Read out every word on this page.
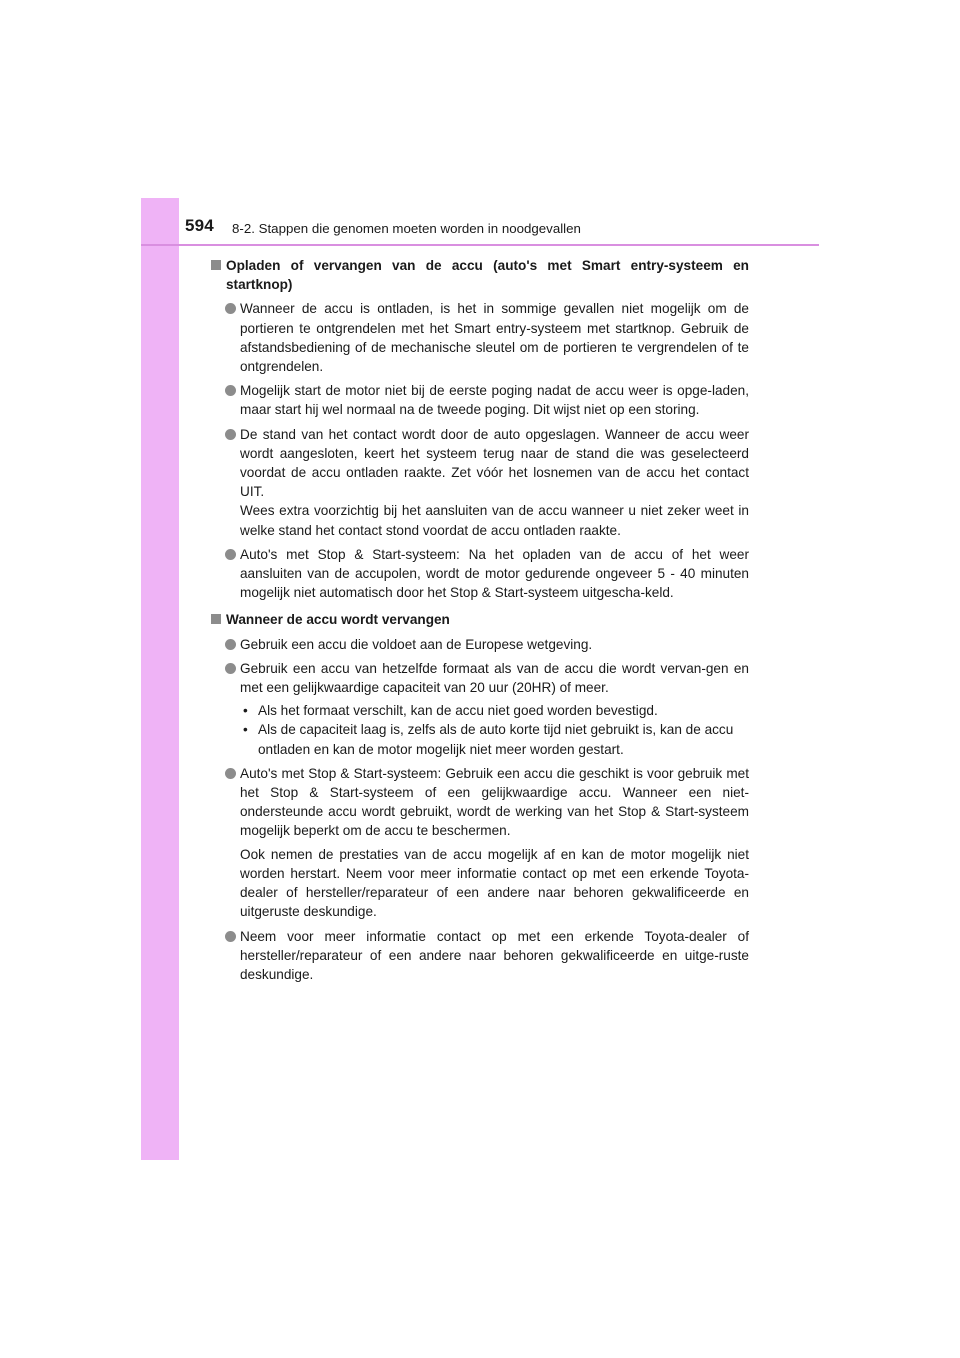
594 8-2. Stappen die genomen moeten worden in noodgevallen
Opladen of vervangen van de accu (auto's met Smart entry-systeem en startknop)
Wanneer de accu is ontladen, is het in sommige gevallen niet mogelijk om de portieren te ontgrendelen met het Smart entry-systeem met startknop. Gebruik de afstandsbediening of de mechanische sleutel om de portieren te vergrendelen of te ontgrendelen.
Mogelijk start de motor niet bij de eerste poging nadat de accu weer is opge-laden, maar start hij wel normaal na de tweede poging. Dit wijst niet op een storing.

De stand van het contact wordt door de auto opgeslagen. Wanneer de accu weer wordt aangesloten, keert het systeem terug naar de stand die was geselecteerd voordat de accu ontladen raakte. Zet vóór het losnemen van de accu het contact UIT.

Wees extra voorzichtig bij het aansluiten van de accu wanneer u niet zeker weet in welke stand het contact stond voordat de accu ontladen raakte.

Auto's met Stop & Start-systeem: Na het opladen van de accu of het weer aansluiten van de accupolen, wordt de motor gedurende ongeveer 5 - 40 minuten mogelijk niet automatisch door het Stop & Start-systeem uitgescha-keld.
Wanneer de accu wordt vervangen
Gebruik een accu die voldoet aan de Europese wetgeving.
Gebruik een accu van hetzelfde formaat als van de accu die wordt vervan-gen en met een gelijkwaardige capaciteit van 20 uur (20HR) of meer.
• Als het formaat verschilt, kan de accu niet goed worden bevestigd.
• Als de capaciteit laag is, zelfs als de auto korte tijd niet gebruikt is, kan de accu ontladen en kan de motor mogelijk niet meer worden gestart.
Auto's met Stop & Start-systeem: Gebruik een accu die geschikt is voor gebruik met het Stop & Start-systeem of een gelijkwaardige accu. Wanneer een niet-ondersteunde accu wordt gebruikt, wordt de werking van het Stop & Start-systeem mogelijk beperkt om de accu te beschermen.
Ook nemen de prestaties van de accu mogelijk af en kan de motor mogelijk niet worden herstart. Neem voor meer informatie contact op met een erkende Toyota-dealer of hersteller/reparateur of een andere naar behoren gekwalificeerde en uitgeruste deskundige.
Neem voor meer informatie contact op met een erkende Toyota-dealer of hersteller/reparateur of een andere naar behoren gekwalificeerde en uitge-ruste deskundige.
